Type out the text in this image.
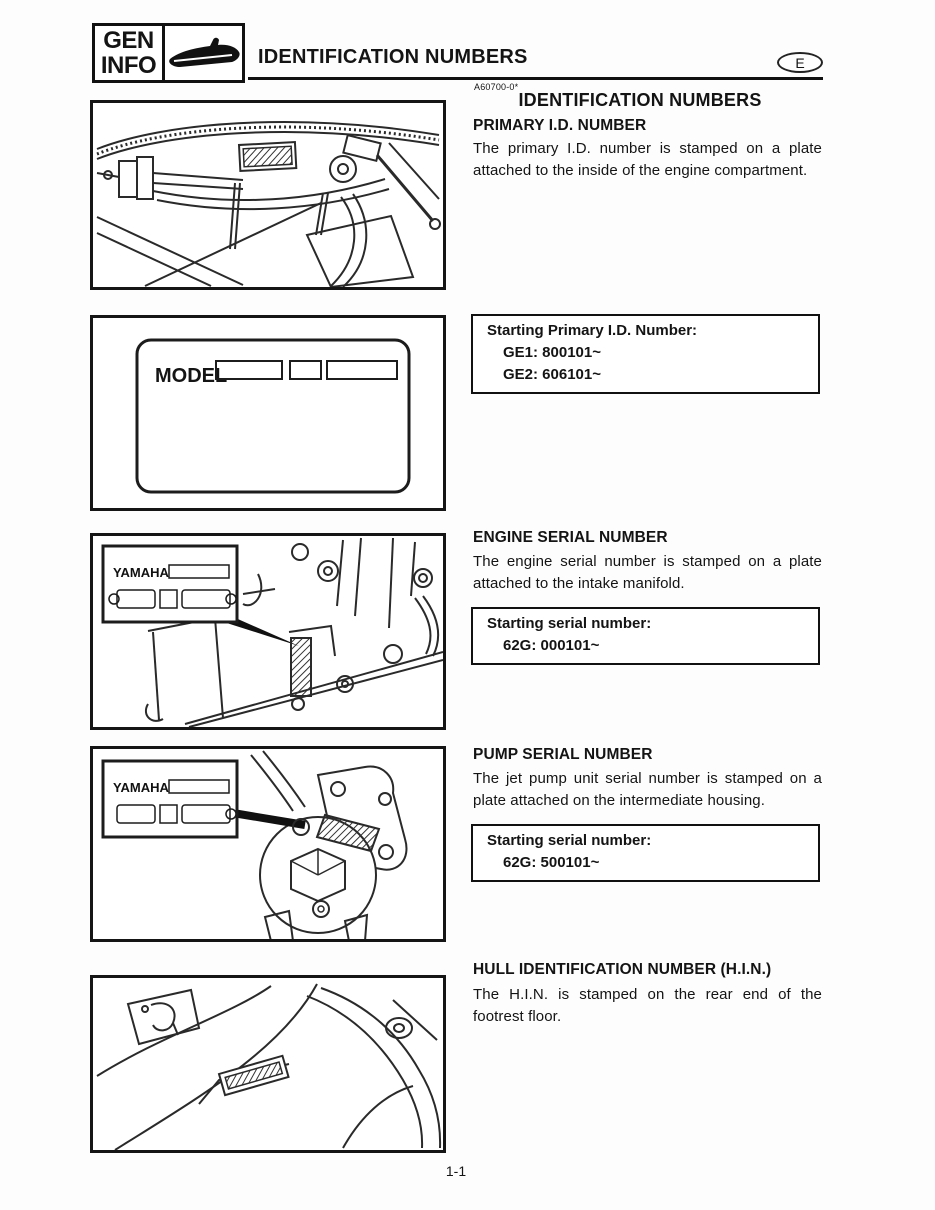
GEN
INFO	IDENTIFICATION NUMBERS	E
A60700-0*
IDENTIFICATION NUMBERS
PRIMARY I.D. NUMBER
The primary I.D. number is stamped on a plate attached to the inside of the engine compartment.
Starting Primary I.D. Number:
GE1: 800101~
GE2: 606101~
ENGINE SERIAL NUMBER
The engine serial number is stamped on a plate attached to the intake manifold.
Starting serial number:
62G: 000101~
PUMP SERIAL NUMBER
The jet pump unit serial number is stamped on a plate attached on the intermediate housing.
Starting serial number:
62G: 500101~
HULL IDENTIFICATION NUMBER (H.I.N.)
The H.I.N. is stamped on the rear end of the footrest floor.
MODEL
YAMAHA
YAMAHA
1-1
